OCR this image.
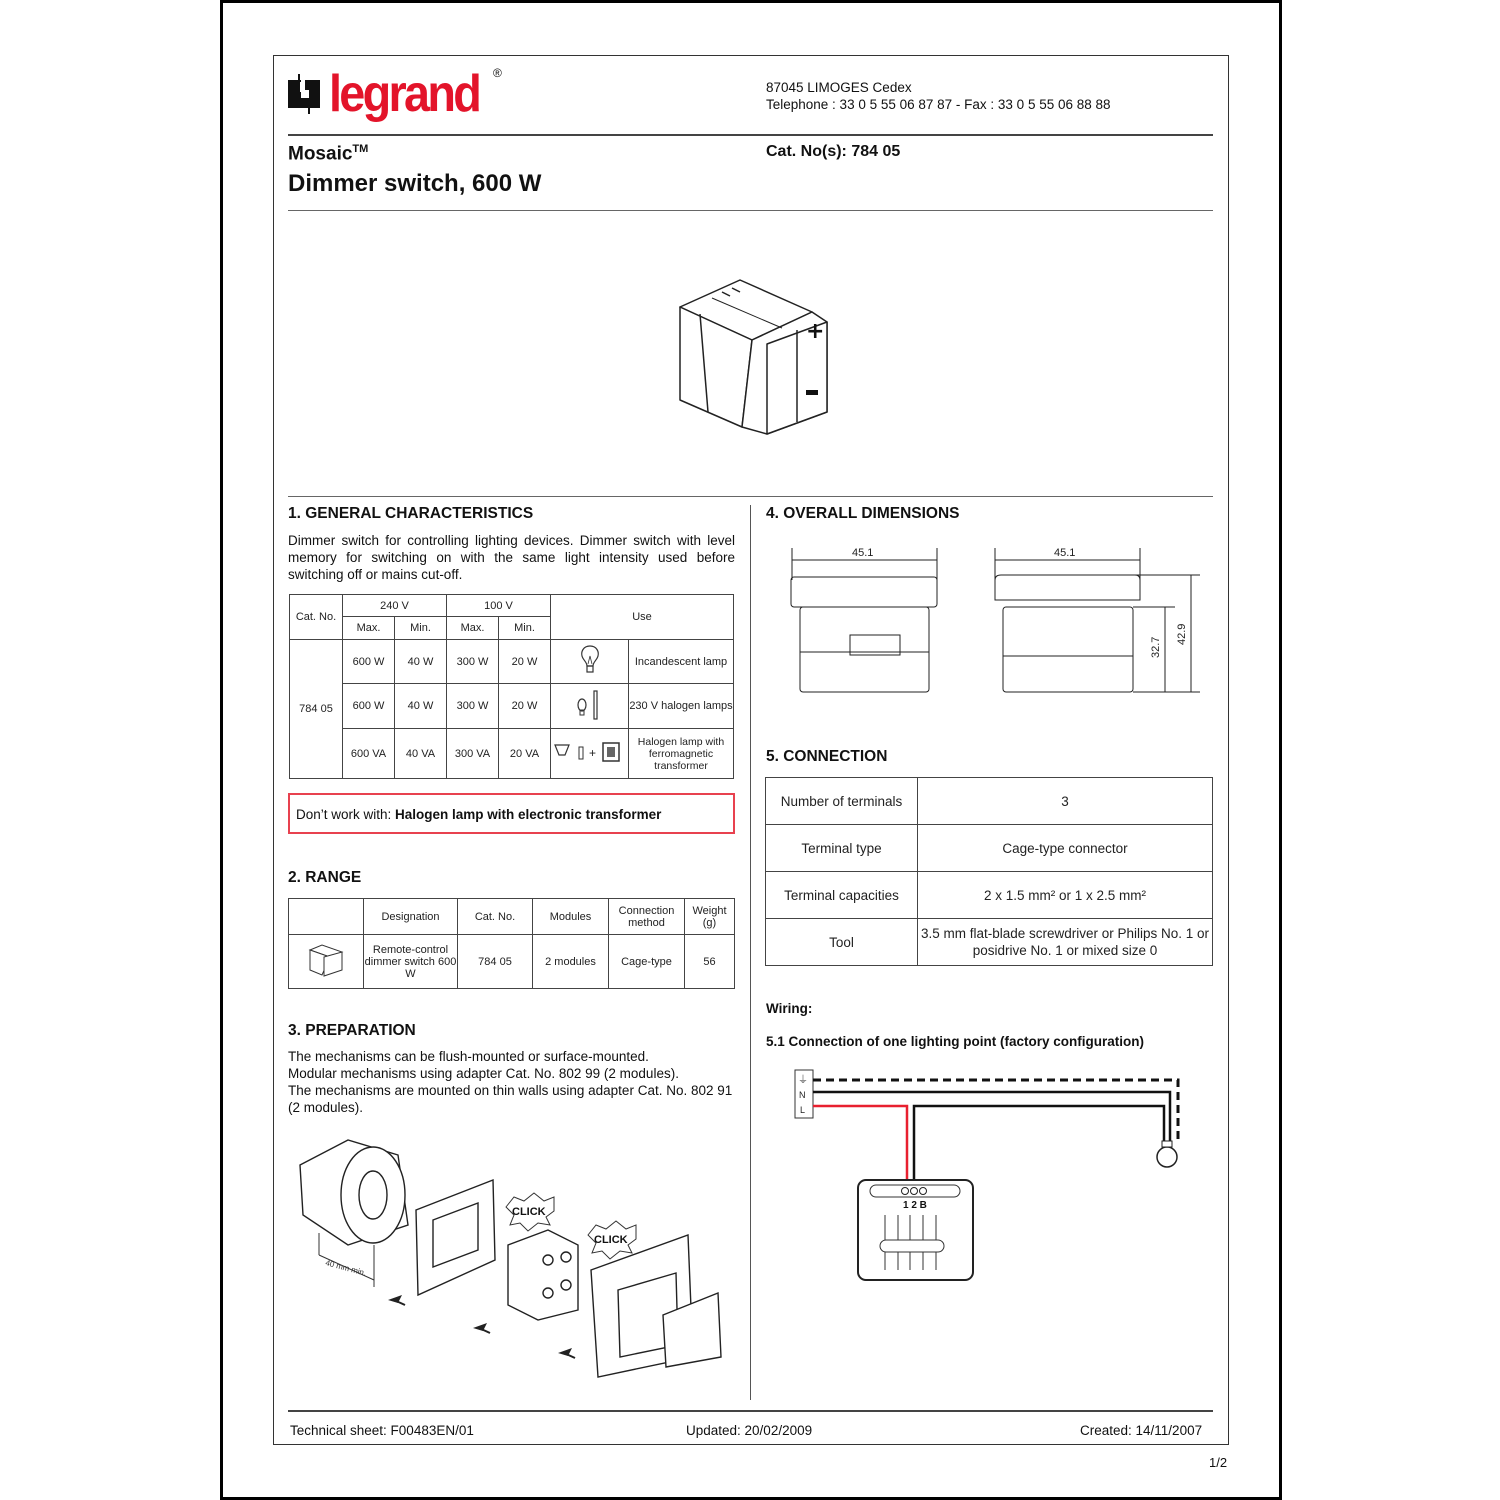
legrand ®
87045 LIMOGES Cedex
Telephone : 33 0 5 55 06 87 87 - Fax : 33 0 5 55 06 88 88
Mosaic™
Dimmer switch, 600 W
Cat. No(s): 784 05
+
1. GENERAL CHARACTERISTICS

Dimmer switch for controlling lighting devices. Dimmer switch with level memory for switching on with the same light intensity used before switching off or mains cut-off.

Cat. No.	240 V		100 V		Use	
	Max.	Min.	Max.	Min.		
784 05	600 W	40 W	300 W	20 W		Incandescent lamp
	600 W	40 W	300 W	20 W		230 V halogen lamps
	600 VA	40 VA	300 VA	20 VA	+	Halogen lamp with ferromagnetic transformer
Don’t work with: Halogen lamp with electronic transformer
2. RANGE
	Designation	Cat. No.	Modules	Connection method	Weight (g)
	Remote-control dimmer switch 600 W	784 05	2 modules	Cage-type	56
3. PREPARATION
The mechanisms can be flush-mounted or surface-mounted.
Modular mechanisms using adapter Cat. No. 802 99 (2 modules).
The mechanisms are mounted on thin walls using adapter Cat. No. 802 91 (2 modules).
40 mm min.
CLICK
CLICK
4. OVERALL DIMENSIONS
45.1	45.1
32.7
42.9
5. CONNECTION
Number of terminals	3
Terminal type	Cage-type connector
Terminal capacities	2 x 1.5 mm² or 1 x 2.5 mm²
Tool	3.5 mm flat-blade screwdriver or Philips No. 1 or posidrive No. 1 or mixed size 0
Wiring:
5.1 Connection of one lighting point (factory configuration)
⏚
N
L
1 2 B
Technical sheet: F00483EN/01	Updated: 20/02/2009	Created: 14/11/2007
1/2
